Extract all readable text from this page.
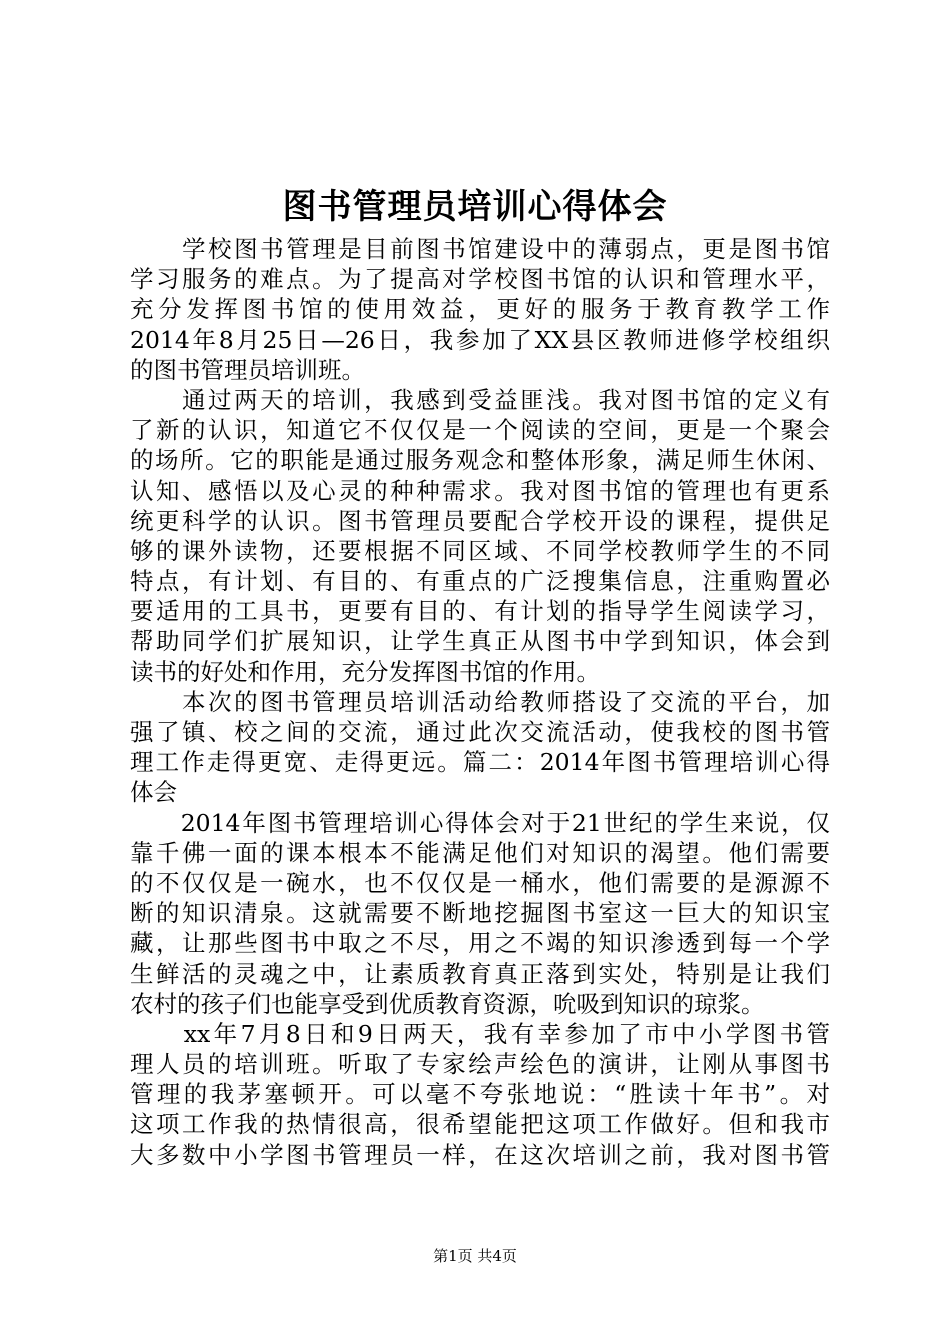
图书管理员培训心得体会
　　学校图书管理是目前图书馆建设中的薄弱点，更是图书馆
学习服务的难点。为了提高对学校图书馆的认识和管理水平，
充分发挥图书馆的使用效益，更好的服务于教育教学工作
2014年8月25日—26日，我参加了XX县区教师进修学校组织
的图书管理员培训班。
　　通过两天的培训，我感到受益匪浅。我对图书馆的定义有
了新的认识，知道它不仅仅是一个阅读的空间，更是一个聚会
的场所。它的职能是通过服务观念和整体形象，满足师生休闲、
认知、感悟以及心灵的种种需求。我对图书馆的管理也有更系
统更科学的认识。图书管理员要配合学校开设的课程，提供足
够的课外读物，还要根据不同区域、不同学校教师学生的不同
特点，有计划、有目的、有重点的广泛搜集信息，注重购置必
要适用的工具书，更要有目的、有计划的指导学生阅读学习，
帮助同学们扩展知识，让学生真正从图书中学到知识，体会到
读书的好处和作用，充分发挥图书馆的作用。
　　本次的图书管理员培训活动给教师搭设了交流的平台，加
强了镇、校之间的交流，通过此次交流活动，使我校的图书管
理工作走得更宽、走得更远。篇二：2014年图书管理培训心得
体会
　　2014年图书管理培训心得体会对于21世纪的学生来说，仅
靠千佛一面的课本根本不能满足他们对知识的渴望。他们需要
的不仅仅是一碗水，也不仅仅是一桶水，他们需要的是源源不
断的知识清泉。这就需要不断地挖掘图书室这一巨大的知识宝
藏，让那些图书中取之不尽，用之不竭的知识渗透到每一个学
生鲜活的灵魂之中，让素质教育真正落到实处，特别是让我们
农村的孩子们也能享受到优质教育资源，吮吸到知识的琼浆。
　　xx年7月8日和9日两天，我有幸参加了市中小学图书管
理人员的培训班。听取了专家绘声绘色的演讲，让刚从事图书
管理的我茅塞顿开。可以毫不夸张地说：“胜读十年书”。对
这项工作我的热情很高，很希望能把这项工作做好。但和我市
大多数中小学图书管理员一样，在这次培训之前，我对图书管
第1页 共4页
